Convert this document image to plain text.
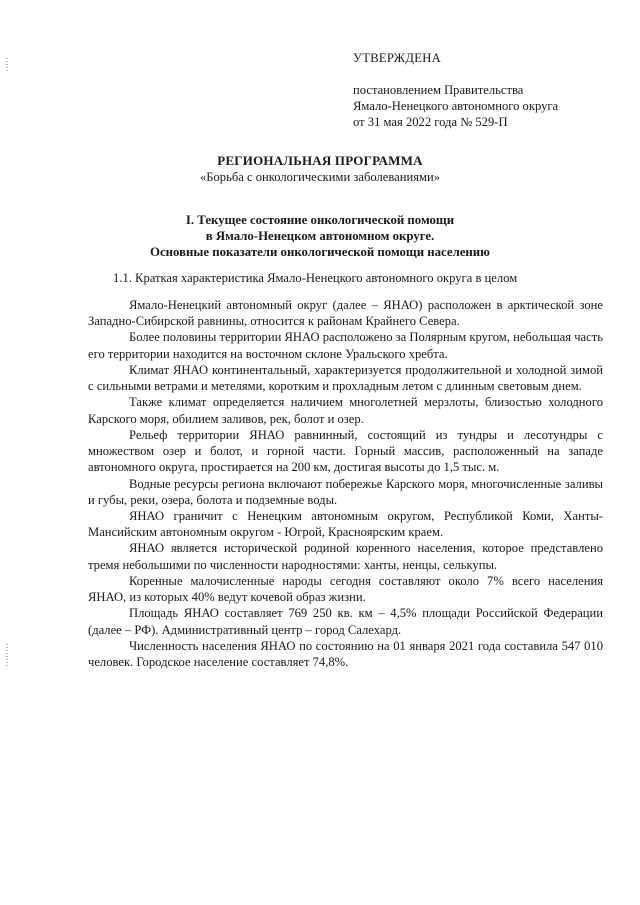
УТВЕРЖДЕНА
постановлением Правительства
Ямало-Ненецкого автономного округа
от 31 мая 2022 года № 529-П
РЕГИОНАЛЬНАЯ ПРОГРАММА
«Борьба с онкологическими заболеваниями»
I. Текущее состояние онкологической помощи
в Ямало-Ненецком автономном округе.
Основные показатели онкологической помощи населению
1.1. Краткая характеристика Ямало-Ненецкого автономного округа в целом

Ямало-Ненецкий автономный округ (далее – ЯНАО) расположен в арктической зоне Западно-Сибирской равнины, относится к районам Крайнего Севера.

Более половины территории ЯНАО расположено за Полярным кругом, небольшая часть его территории находится на восточном склоне Уральского хребта.

Климат ЯНАО континентальный, характеризуется продолжительной и холодной зимой с сильными ветрами и метелями, коротким и прохладным летом с длинным световым днем.

Также климат определяется наличием многолетней мерзлоты, близостью холодного Карского моря, обилием заливов, рек, болот и озер.

Рельеф территории ЯНАО равнинный, состоящий из тундры и лесотундры с множеством озер и болот, и горной части. Горный массив, расположенный на западе автономного округа, простирается на 200 км, достигая высоты до 1,5 тыс. м.

Водные ресурсы региона включают побережье Карского моря, многочисленные заливы и губы, реки, озера, болота и подземные воды.

ЯНАО граничит с Ненецким автономным округом, Республикой Коми, Ханты-Мансийским автономным округом - Югрой, Красноярским краем.

ЯНАО является исторической родиной коренного населения, которое представлено тремя небольшими по численности народностями: ханты, ненцы, селькупы.

Коренные малочисленные народы сегодня составляют около 7% всего населения ЯНАО, из которых 40% ведут кочевой образ жизни.

Площадь ЯНАО составляет 769 250 кв. км – 4,5% площади Российской Федерации (далее – РФ). Административный центр – город Салехард.

Численность населения ЯНАО по состоянию на 01 января 2021 года составила 547 010 человек. Городское население составляет 74,8%.
